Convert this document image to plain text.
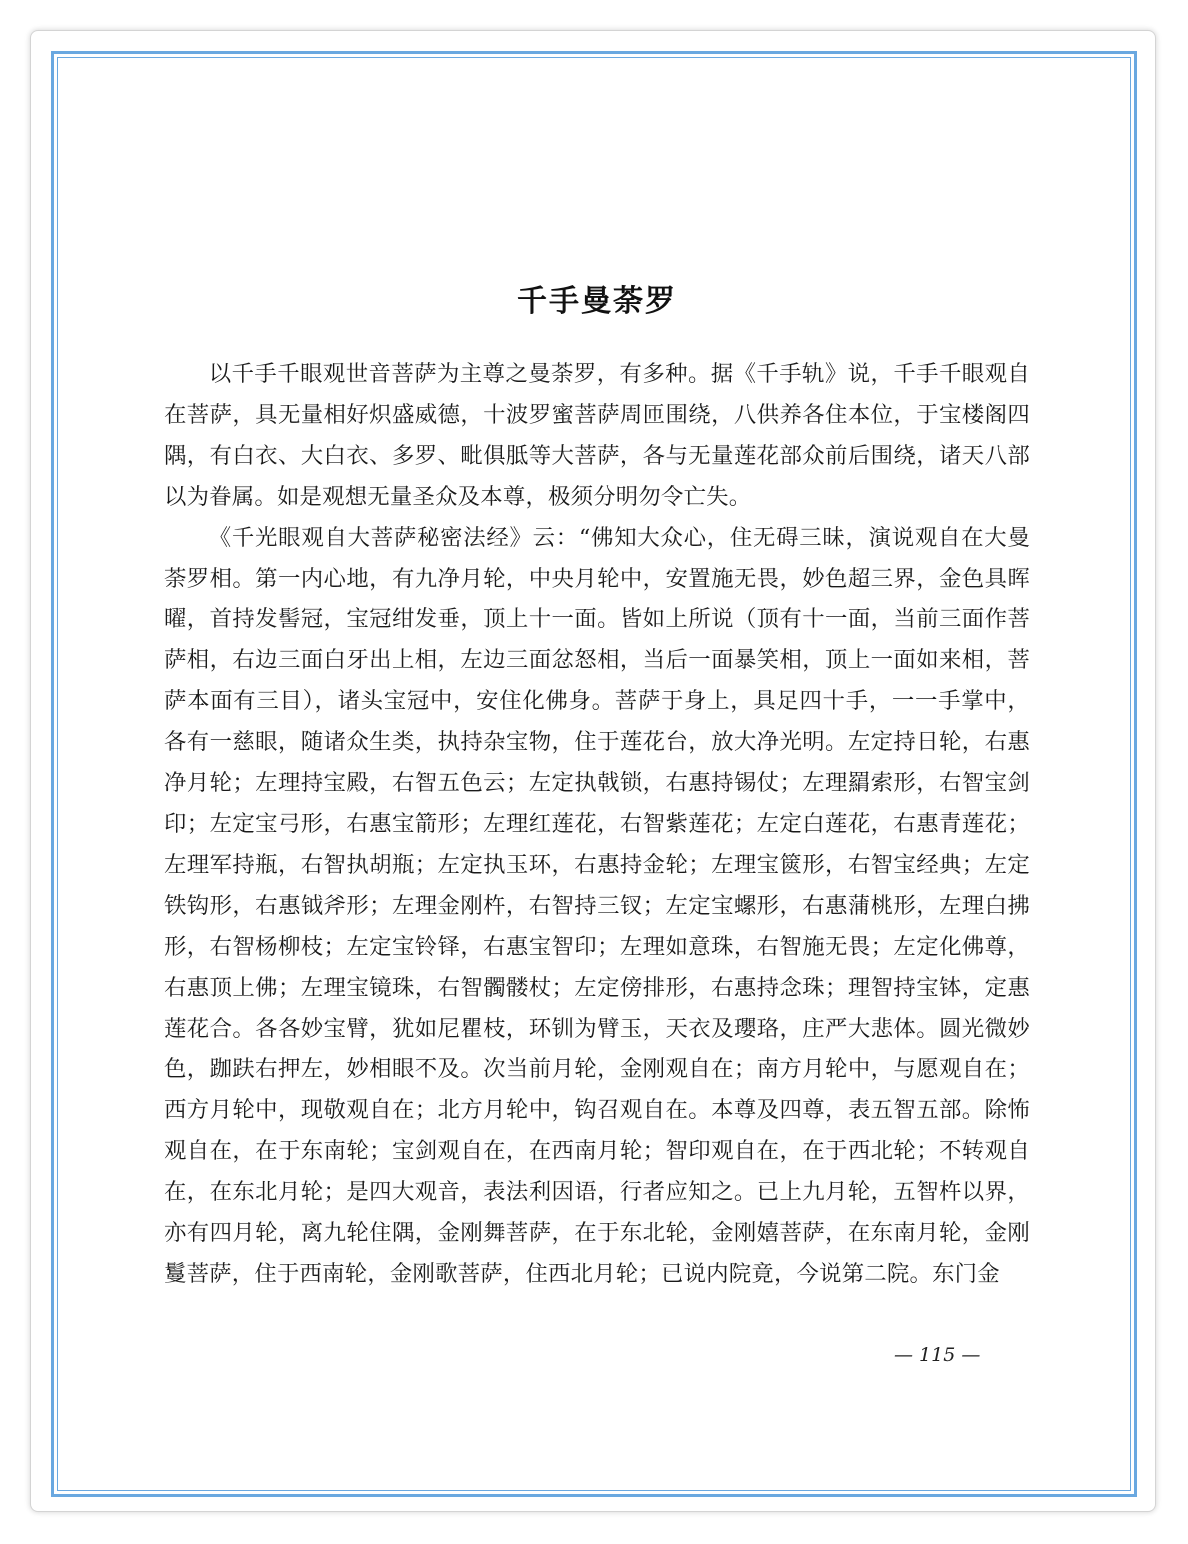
千手曼荼罗

以千手千眼观世音菩萨为主尊之曼荼罗，有多种。据《千手轨》说，千手千眼观自在菩萨，具无量相好炽盛威德，十波罗蜜菩萨周匝围绕，八供养各住本位，于宝楼阁四隅，有白衣、大白衣、多罗、毗俱胝等大菩萨，各与无量莲花部众前后围绕，诸天八部以为眷属。如是观想无量圣众及本尊，极须分明勿令亡失。

《千光眼观自大菩萨秘密法经》云：“佛知大众心，住无碍三昧，演说观自在大曼荼罗相。第一内心地，有九净月轮，中央月轮中，安置施无畏，妙色超三界，金色具晖曜，首持发髻冠，宝冠绀发垂，顶上十一面。皆如上所说（顶有十一面，当前三面作菩萨相，右边三面白牙出上相，左边三面忿怒相，当后一面暴笑相，顶上一面如来相，菩萨本面有三目），诸头宝冠中，安住化佛身。菩萨于身上，具足四十手，一一手掌中，各有一慈眼，随诸众生类，执持杂宝物，住于莲花台，放大净光明。左定持日轮，右惠净月轮；左理持宝殿，右智五色云；左定执戟锁，右惠持锡仗；左理羂索形，右智宝剑印；左定宝弓形，右惠宝箭形；左理红莲花，右智紫莲花；左定白莲花，右惠青莲花；左理军持瓶，右智执胡瓶；左定执玉环，右惠持金轮；左理宝篋形，右智宝经典；左定铁钩形，右惠钺斧形；左理金刚杵，右智持三钗；左定宝螺形，右惠蒲桃形，左理白拂形，右智杨柳枝；左定宝铃铎，右惠宝智印；左理如意珠，右智施无畏；左定化佛尊，右惠顶上佛；左理宝镜珠，右智髑髅杖；左定傍排形，右惠持念珠；理智持宝钵，定惠莲花合。各各妙宝臂，犹如尼瞿枝，环钏为臂玉，天衣及瓔珞，庄严大悲体。圆光微妙色，跏趺右押左，妙相眼不及。次当前月轮，金刚观自在；南方月轮中，与愿观自在；西方月轮中，现敬观自在；北方月轮中，钩召观自在。本尊及四尊，表五智五部。除怖观自在，在于东南轮；宝剑观自在，在西南月轮；智印观自在，在于西北轮；不转观自在，在东北月轮；是四大观音，表法利因语，行者应知之。已上九月轮，五智杵以界，亦有四月轮，离九轮住隅，金刚舞菩萨，在于东北轮，金刚嬉菩萨，在东南月轮，金刚鬘菩萨，住于西南轮，金刚歌菩萨，住西北月轮；已说内院竟，今说第二院。东门金

— 115 —
